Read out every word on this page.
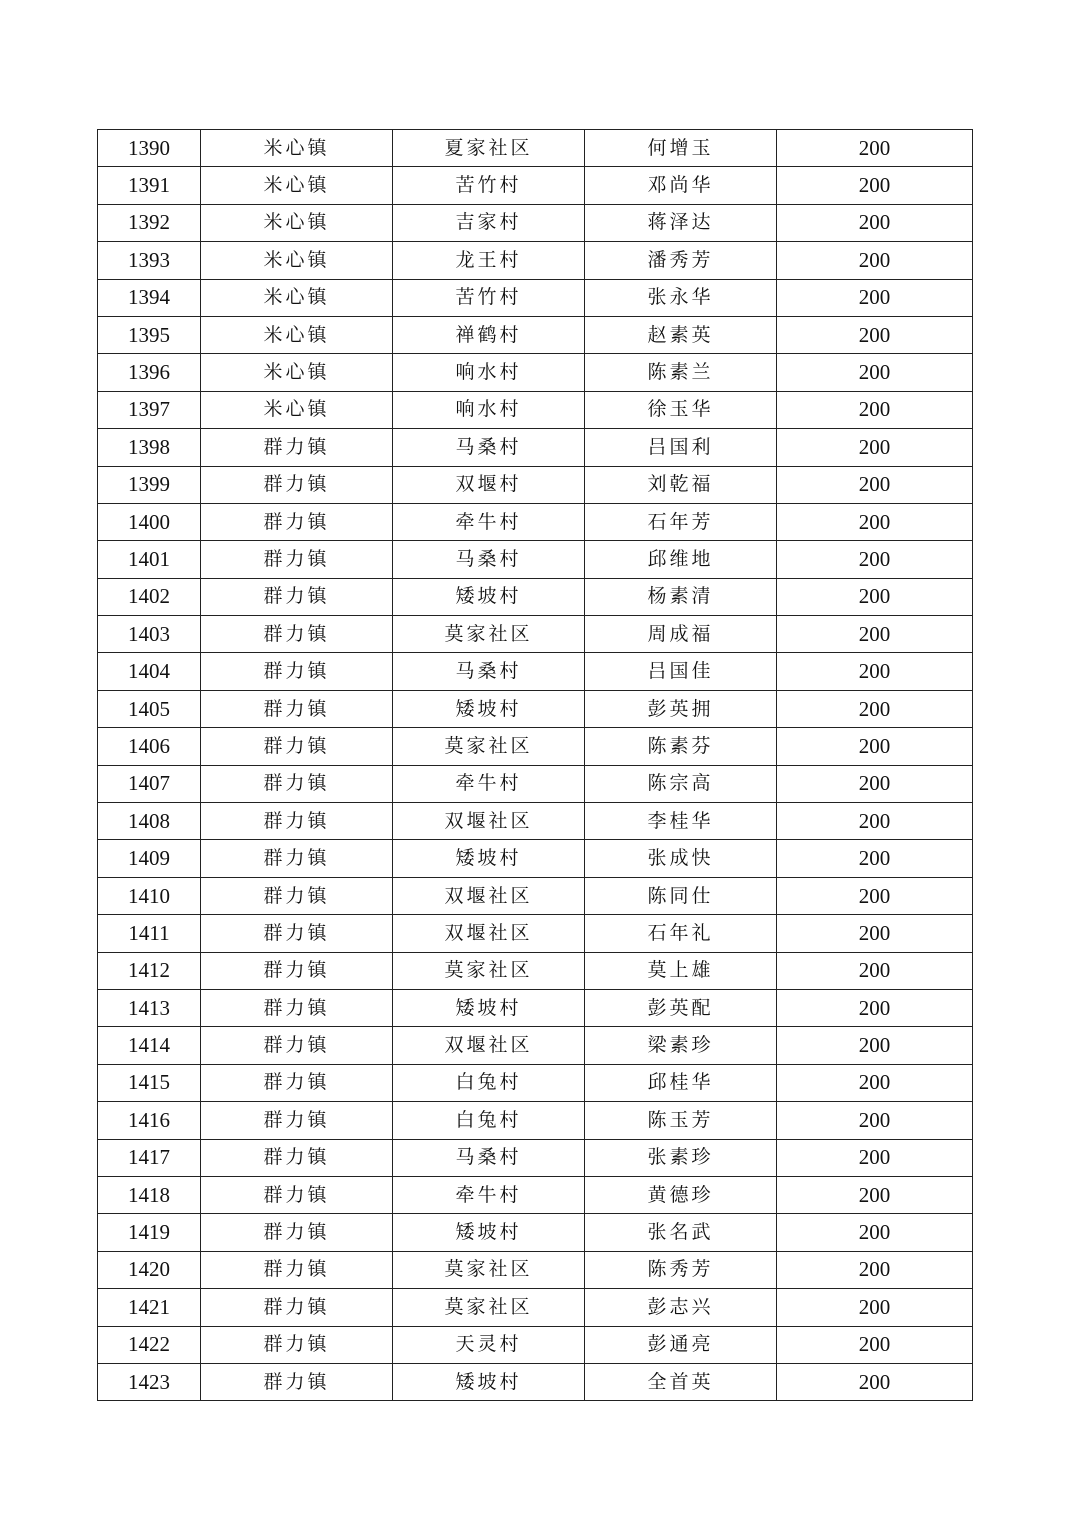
1390	米心镇	夏家社区	何增玉	200
1391	米心镇	苦竹村	邓尚华	200
1392	米心镇	吉家村	蒋泽达	200
1393	米心镇	龙王村	潘秀芳	200
1394	米心镇	苦竹村	张永华	200
1395	米心镇	禅鹤村	赵素英	200
1396	米心镇	响水村	陈素兰	200
1397	米心镇	响水村	徐玉华	200
1398	群力镇	马桑村	吕国利	200
1399	群力镇	双堰村	刘乾福	200
1400	群力镇	牵牛村	石年芳	200
1401	群力镇	马桑村	邱维地	200
1402	群力镇	矮坡村	杨素清	200
1403	群力镇	莫家社区	周成福	200
1404	群力镇	马桑村	吕国佳	200
1405	群力镇	矮坡村	彭英拥	200
1406	群力镇	莫家社区	陈素芬	200
1407	群力镇	牵牛村	陈宗高	200
1408	群力镇	双堰社区	李桂华	200
1409	群力镇	矮坡村	张成快	200
1410	群力镇	双堰社区	陈同仕	200
1411	群力镇	双堰社区	石年礼	200
1412	群力镇	莫家社区	莫上雄	200
1413	群力镇	矮坡村	彭英配	200
1414	群力镇	双堰社区	梁素珍	200
1415	群力镇	白兔村	邱桂华	200
1416	群力镇	白兔村	陈玉芳	200
1417	群力镇	马桑村	张素珍	200
1418	群力镇	牵牛村	黄德珍	200
1419	群力镇	矮坡村	张名武	200
1420	群力镇	莫家社区	陈秀芳	200
1421	群力镇	莫家社区	彭志兴	200
1422	群力镇	天灵村	彭通亮	200
1423	群力镇	矮坡村	全首英	200
